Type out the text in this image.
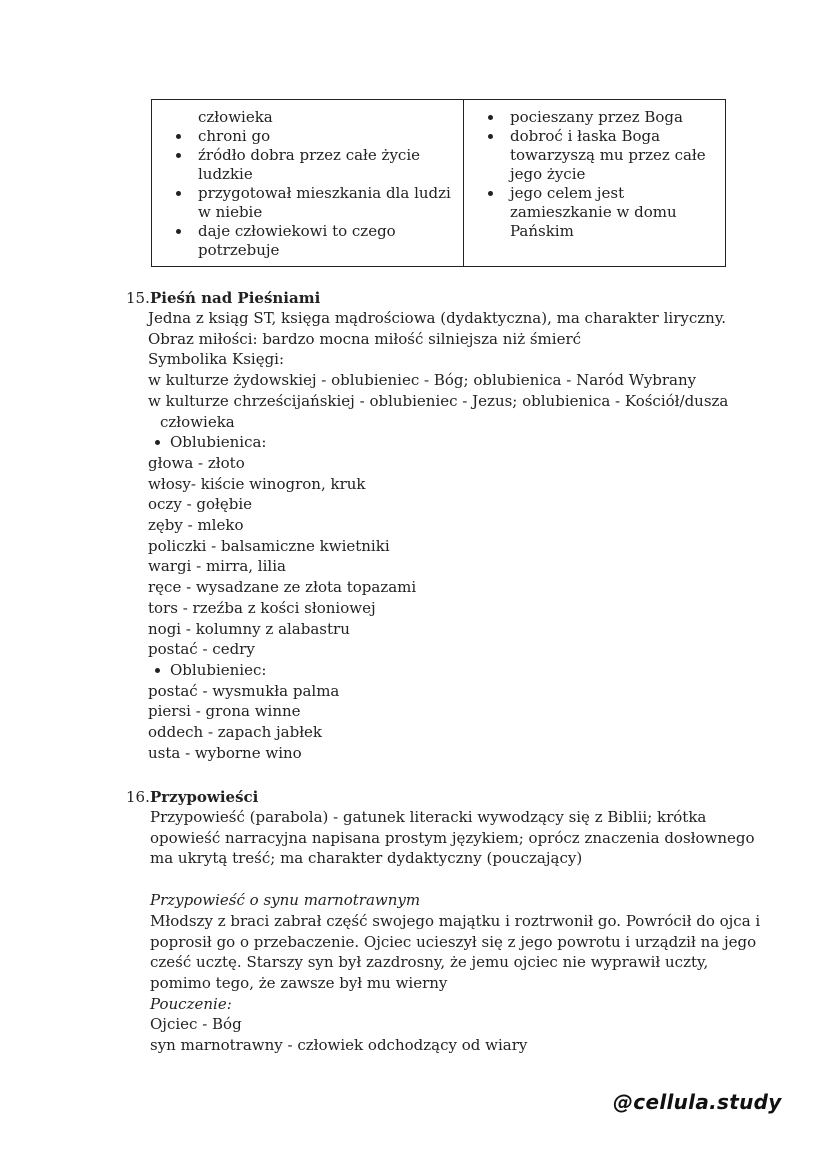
człowieka
chroni go
źródło dobra przez całe życie ludzkie
przygotował mieszkania dla ludzi w niebie
daje człowiekowi to czego potrzebuje

pocieszany przez Boga
dobroć i łaska Boga towarzyszą mu przez całe jego życie
jego celem jest zamieszkanie w domu Pańskim
15.Pieśń nad Pieśniami
Jedna z ksiąg ST, księga mądrościowa (dydaktyczna), ma charakter liryczny.
Obraz miłości: bardzo mocna miłość silniejsza niż śmierć
Symbolika Księgi:
w kulturze żydowskiej - oblubieniec - Bóg; oblubienica - Naród Wybrany
w kulturze chrześcijańskiej - oblubieniec - Jezus; oblubienica - Kościół/dusza
człowieka
Oblubienica:
głowa - złoto
włosy- kiście winogron, kruk
oczy - gołębie
zęby - mleko
policzki - balsamiczne kwietniki
wargi - mirra, lilia
ręce - wysadzane ze złota topazami
tors - rzeźba z kości słoniowej
nogi - kolumny z alabastru
postać - cedry
Oblubieniec:
postać - wysmukła palma
piersi - grona winne
oddech - zapach jabłek
usta - wyborne wino
16.Przypowieści
Przypowieść (parabola) - gatunek literacki wywodzący się z Biblii; krótka
opowieść narracyjna napisana prostym językiem; oprócz znaczenia dosłownego
ma ukrytą treść; ma charakter dydaktyczny (pouczający)
Przypowieść o synu marnotrawnym
Młodszy z braci zabrał część swojego majątku i roztrwonił go. Powrócił do ojca i
poprosił go o przebaczenie. Ojciec ucieszył się z jego powrotu i urządził na jego
cześć ucztę. Starszy syn był zazdrosny, że jemu ojciec nie wyprawił uczty,
pomimo tego, że zawsze był mu wierny
Pouczenie:
Ojciec - Bóg
syn marnotrawny - człowiek odchodzący od wiary
@cellula.study
